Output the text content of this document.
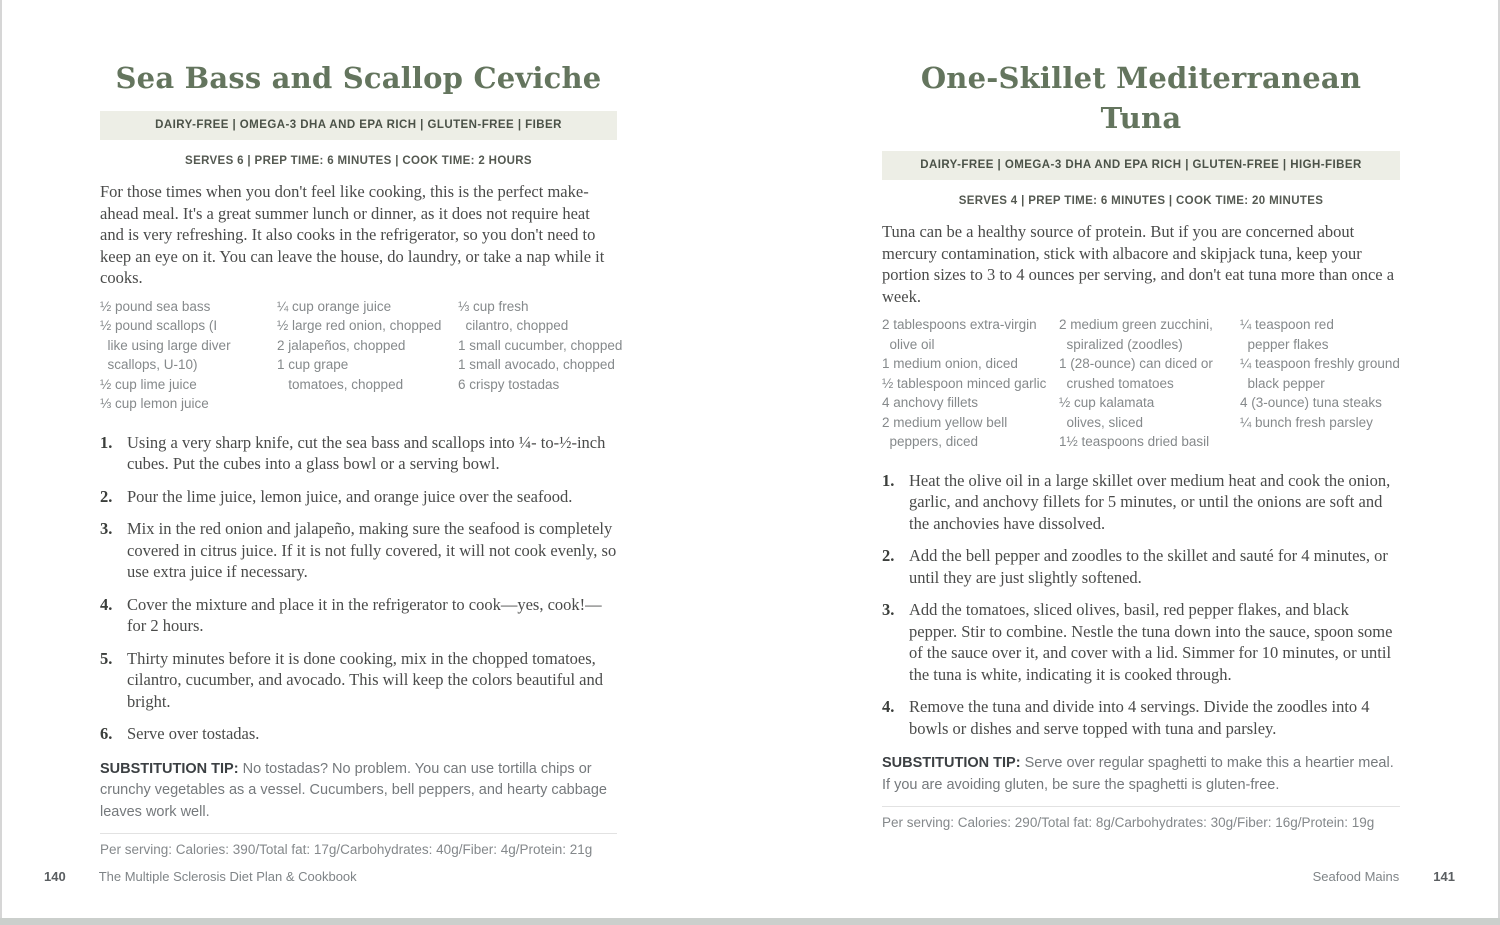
Sea Bass and Scallop Ceviche
DAIRY-FREE | OMEGA-3 DHA AND EPA RICH | GLUTEN-FREE | FIBER
SERVES 6 | PREP TIME: 6 MINUTES | COOK TIME: 2 HOURS

For those times when you don't feel like cooking, this is the perfect make-ahead meal. It's a great summer lunch or dinner, as it does not require heat and is very refreshing. It also cooks in the refrigerator, so you don't need to keep an eye on it. You can leave the house, do laundry, or take a nap while it cooks.

½ pound sea bass
½ pound scallops (I
like using large diver
scallops, U-10)
½ cup lime juice
⅓ cup lemon juice
¼ cup orange juice
½ large red onion, chopped
2 jalapeños, chopped
1 cup grape
tomatoes, chopped
⅓ cup fresh
cilantro, chopped
1 small cucumber, chopped
1 small avocado, chopped
6 crispy tostadas
Using a very sharp knife, cut the sea bass and scallops into ¼- to-½-inch cubes. Put the cubes into a glass bowl or a serving bowl.
Pour the lime juice, lemon juice, and orange juice over the seafood.
Mix in the red onion and jalapeño, making sure the seafood is completely covered in citrus juice. If it is not fully covered, it will not cook evenly, so use extra juice if necessary.
Cover the mixture and place it in the refrigerator to cook—yes, cook!—for 2 hours.
Thirty minutes before it is done cooking, mix in the chopped tomatoes, cilantro, cucumber, and avocado. This will keep the colors beautiful and bright.
Serve over tostadas.

SUBSTITUTION TIP: No tostadas? No problem. You can use tortilla chips or crunchy vegetables as a vessel. Cucumbers, bell peppers, and hearty cabbage leaves work well.

Per serving: Calories: 390/Total fat: 17g/Carbohydrates: 40g/Fiber: 4g/Protein: 21g
One-Skillet Mediterranean Tuna
DAIRY-FREE | OMEGA-3 DHA AND EPA RICH | GLUTEN-FREE | HIGH-FIBER
SERVES 4 | PREP TIME: 6 MINUTES | COOK TIME: 20 MINUTES

Tuna can be a healthy source of protein. But if you are concerned about mercury contamination, stick with albacore and skipjack tuna, keep your portion sizes to 3 to 4 ounces per serving, and don't eat tuna more than once a week.

2 tablespoons extra-virgin
olive oil
1 medium onion, diced
½ tablespoon minced garlic
4 anchovy fillets
2 medium yellow bell
peppers, diced
2 medium green zucchini,
spiralized (zoodles)
1 (28-ounce) can diced or
crushed tomatoes
½ cup kalamata
olives, sliced
1½ teaspoons dried basil
¼ teaspoon red
pepper flakes
¼ teaspoon freshly ground
black pepper
4 (3-ounce) tuna steaks
¼ bunch fresh parsley
Heat the olive oil in a large skillet over medium heat and cook the onion, garlic, and anchovy fillets for 5 minutes, or until the onions are soft and the anchovies have dissolved.
Add the bell pepper and zoodles to the skillet and sauté for 4 minutes, or until they are just slightly softened.
Add the tomatoes, sliced olives, basil, red pepper flakes, and black pepper. Stir to combine. Nestle the tuna down into the sauce, spoon some of the sauce over it, and cover with a lid. Simmer for 10 minutes, or until the tuna is white, indicating it is cooked through.
Remove the tuna and divide into 4 servings. Divide the zoodles into 4 bowls or dishes and serve topped with tuna and parsley.

SUBSTITUTION TIP: Serve over regular spaghetti to make this a heartier meal. If you are avoiding gluten, be sure the spaghetti is gluten-free.

Per serving: Calories: 290/Total fat: 8g/Carbohydrates: 30g/Fiber: 16g/Protein: 19g
140	The Multiple Sclerosis Diet Plan & Cookbook	Seafood Mains	141
